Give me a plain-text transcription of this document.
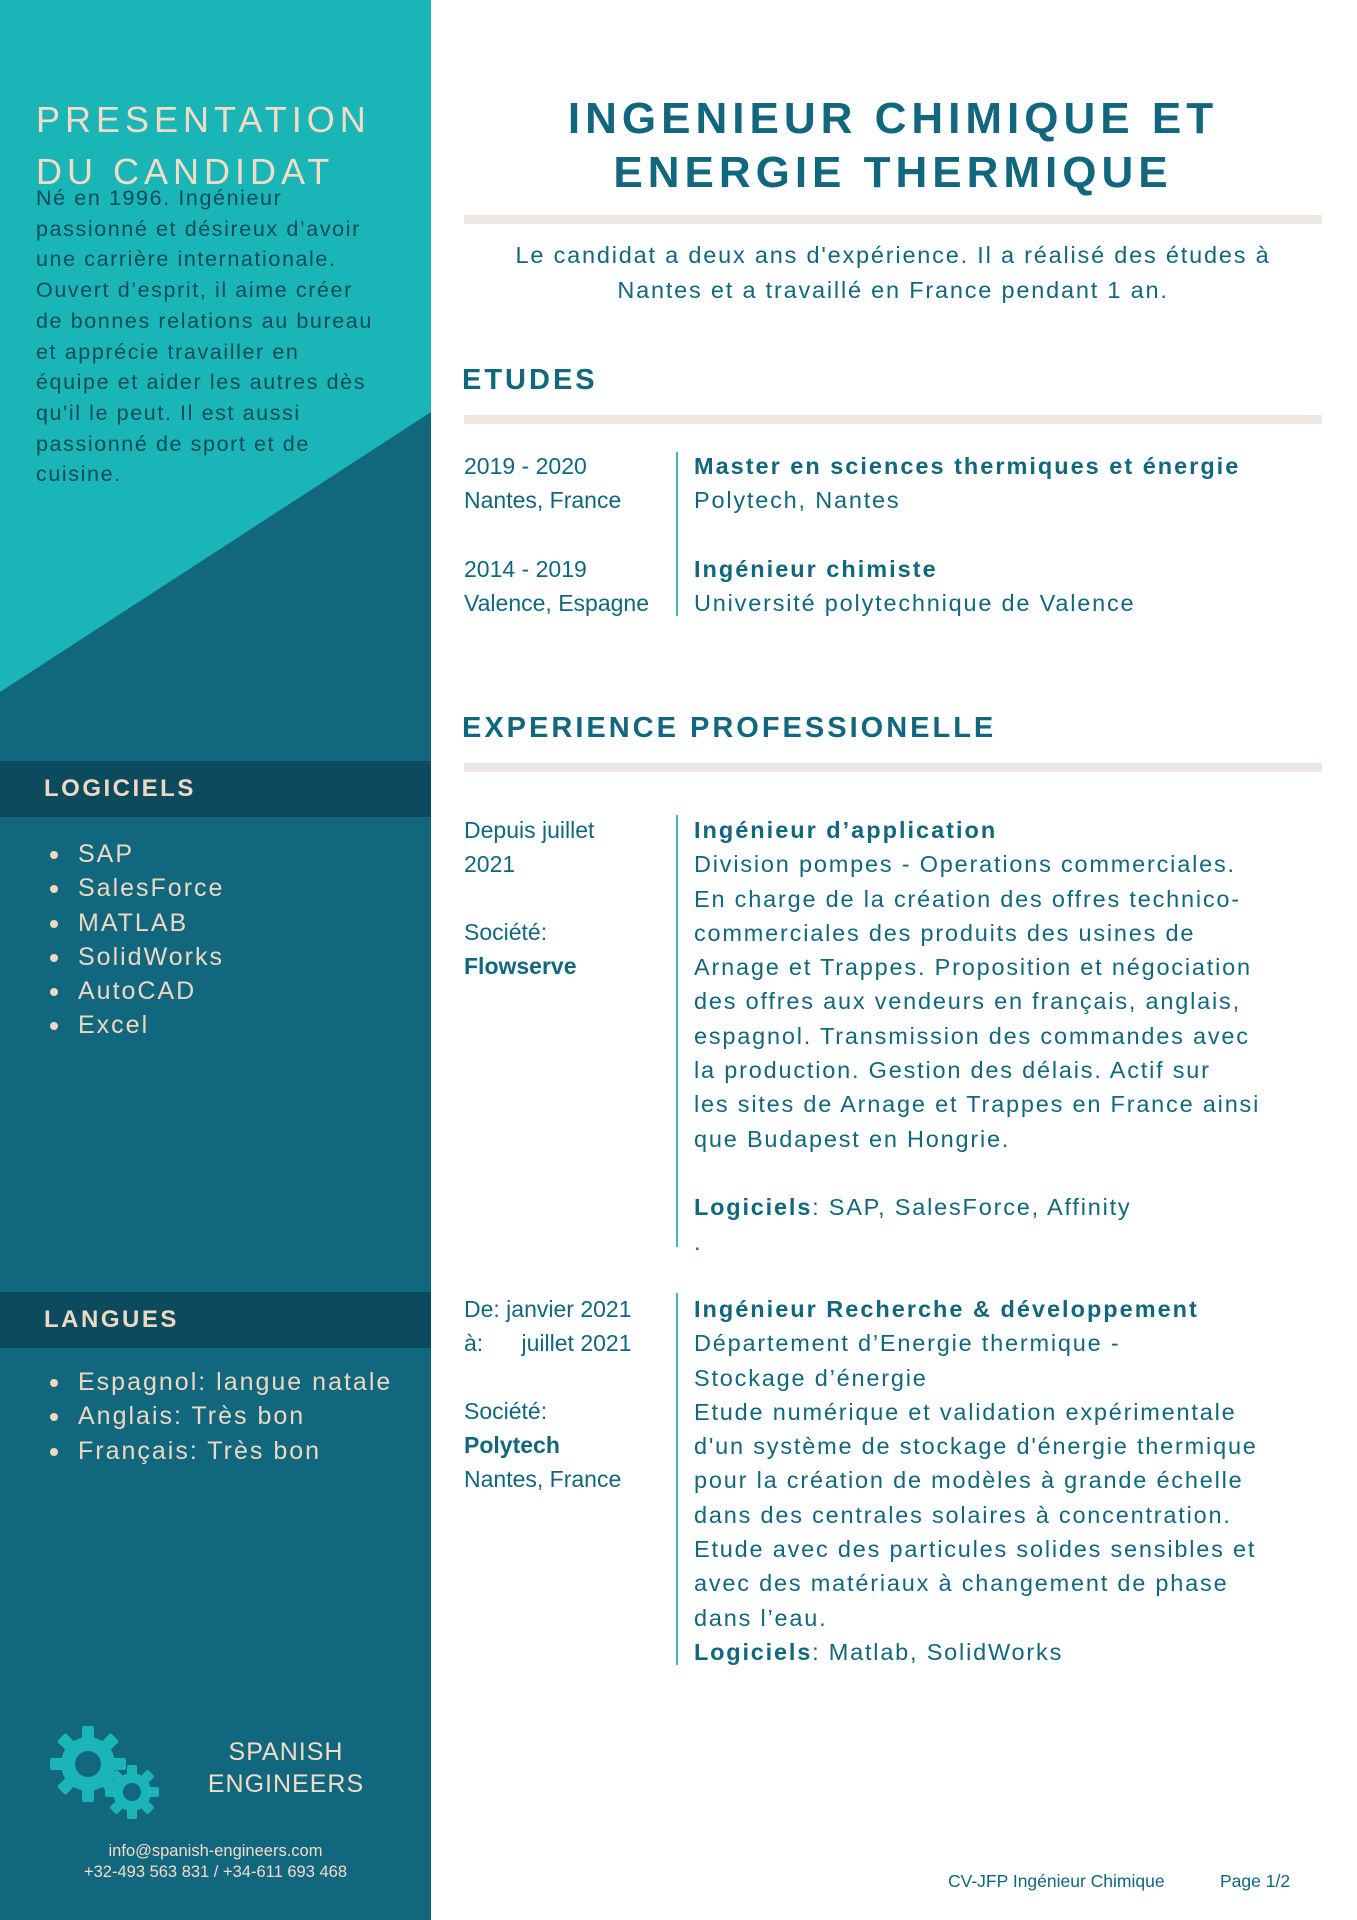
PRESENTATION
DU CANDIDAT
Né en 1996. Ingénieur
passionné et désireux d’avoir
une carrière internationale.
Ouvert d’esprit, il aime créer
de bonnes relations au bureau
et apprécie travailler en
équipe et aider les autres dès
qu'il le peut. Il est aussi
passionné de sport et de
cuisine.
LOGICIELS
SAP
SalesForce
MATLAB
SolidWorks
AutoCAD
Excel
LANGUES
Espagnol: langue natale
Anglais: Très bon
Français: Très bon
SPANISH
ENGINEERS
info@spanish-engineers.com
+32-493 563 831 / +34-611 693 468
INGENIEUR CHIMIQUE ET
ENERGIE THERMIQUE
Le candidat a deux ans d'expérience. Il a réalisé des études à
Nantes et a travaillé en France pendant 1 an.
ETUDES
2019 - 2020
Nantes, France
Master en sciences thermiques et énergie
Polytech, Nantes
2014 - 2019
Valence, Espagne
Ingénieur chimiste
Université polytechnique de Valence
EXPERIENCE PROFESSIONELLE
Depuis juillet
2021
Société:
Flowserve
Ingénieur d’application
Division pompes - Operations commerciales.
En charge de la création des offres technico-
commerciales des produits des usines de
Arnage et Trappes. Proposition et négociation
des offres aux vendeurs en français, anglais,
espagnol. Transmission des commandes avec
la production. Gestion des délais. Actif sur
les sites de Arnage et Trappes en France ainsi
que Budapest en Hongrie.
Logiciels: SAP, SalesForce, Affinity
.
De: janvier 2021
à:      juillet 2021
Société:
Polytech
Nantes, France
Ingénieur Recherche & développement
Département d’Energie thermique -
Stockage d’énergie
Etude numérique et validation expérimentale
d'un système de stockage d'énergie thermique
pour la création de modèles à grande échelle
dans des centrales solaires à concentration.
Etude avec des particules solides sensibles et
avec des matériaux à changement de phase
dans l’eau.
Logiciels: Matlab, SolidWorks
CV-JFP Ingénieur Chimique	Page 1/2
